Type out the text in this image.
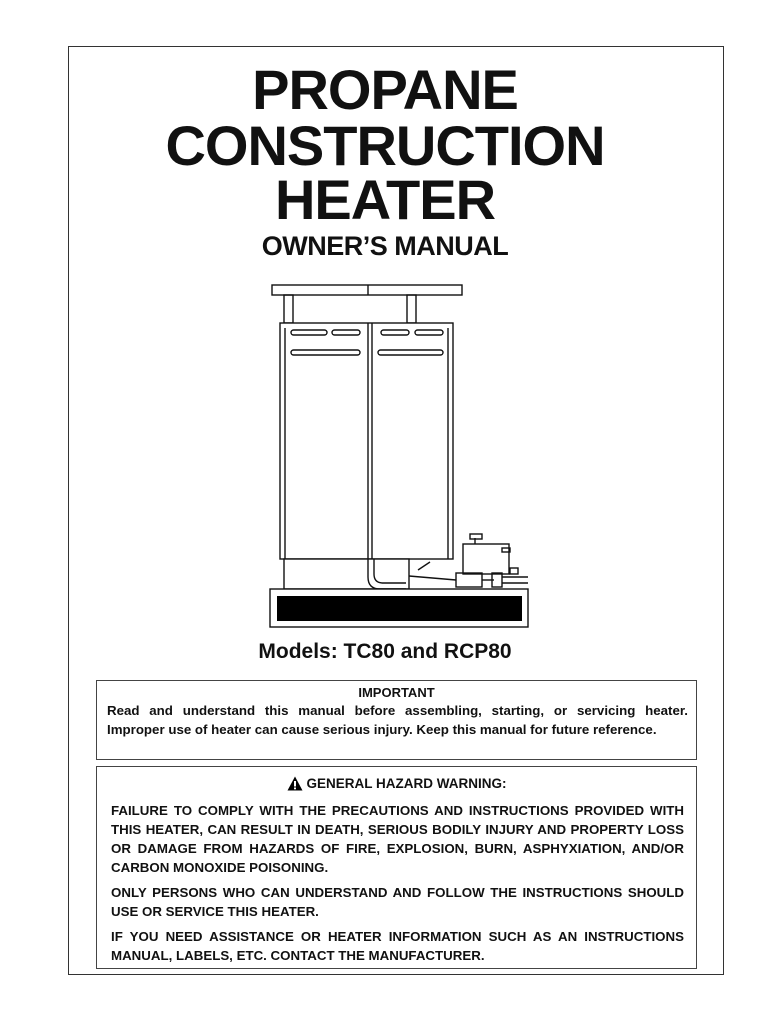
PROPANE
CONSTRUCTION
HEATER
OWNER’S MANUAL
Models: TC80 and RCP80
IMPORTANT
Read and understand this manual before assembling, starting, or servicing heater. Improper use of heater can cause serious injury. Keep this manual for future reference.
GENERAL HAZARD WARNING:

FAILURE TO COMPLY WITH THE PRECAUTIONS AND INSTRUCTIONS PROVIDED WITH THIS HEATER, CAN RESULT IN DEATH, SERIOUS BODILY INJURY AND PROPERTY LOSS OR DAMAGE FROM HAZARDS OF FIRE, EXPLOSION, BURN, ASPHYXIATION, AND/OR CARBON MONOXIDE POISONING.

ONLY PERSONS WHO CAN UNDERSTAND AND FOLLOW THE INSTRUCTIONS SHOULD USE OR SERVICE THIS HEATER.

IF YOU NEED ASSISTANCE OR HEATER INFORMATION SUCH AS AN INSTRUCTIONS MANUAL, LABELS, ETC. CONTACT THE MANUFACTURER.
